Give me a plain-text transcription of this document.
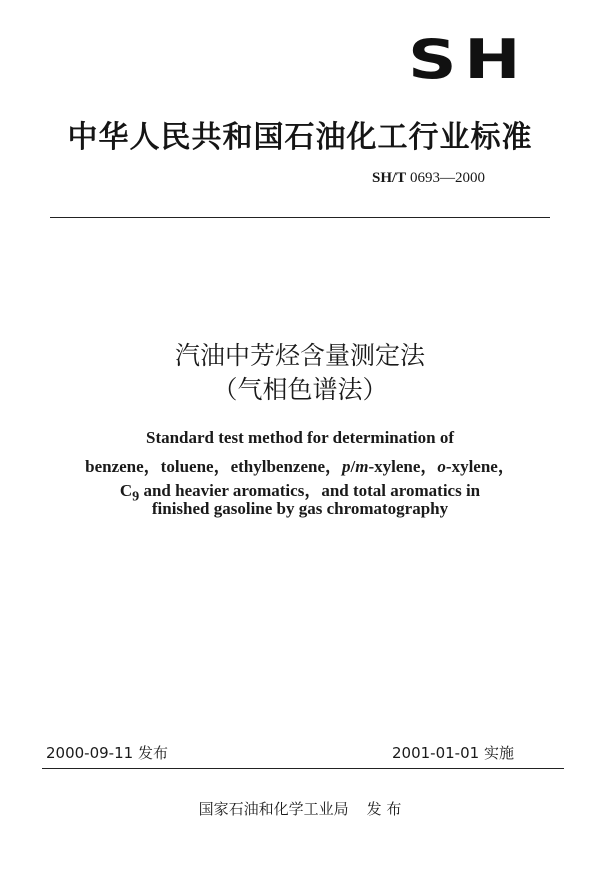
SH
中华人民共和国石油化工行业标准
SH/T 0693—2000
汽油中芳烃含量测定法
（气相色谱法）
Standard test method for determination of
benzene，toluene，ethylbenzene，p/m-xylene，o-xylene，
$C_9$ and heavier aromatics，and total aromatics in
finished gasoline by gas chromatography
2000-09-11 发布	2001-01-01 实施
国家石油和化学工业局 发 布
